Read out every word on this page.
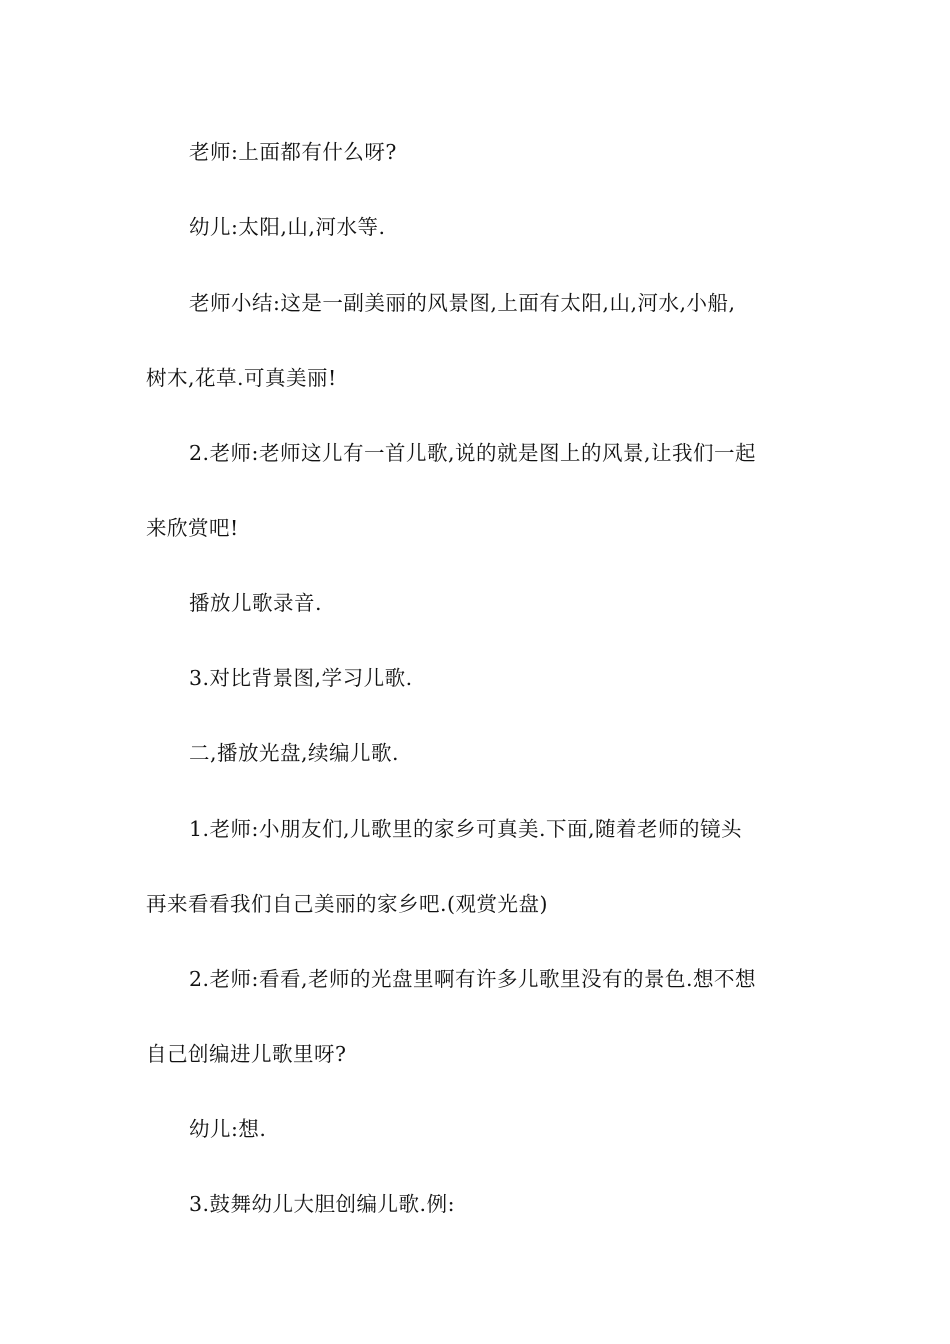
老师:上面都有什么呀?
幼儿:太阳,山,河水等.
老师小结:这是一副美丽的风景图,上面有太阳,山,河水,小船,
树木,花草.可真美丽!
2.老师:老师这儿有一首儿歌,说的就是图上的风景,让我们一起
来欣赏吧!
播放儿歌录音.
3.对比背景图,学习儿歌.
二,播放光盘,续编儿歌.
1.老师:小朋友们,儿歌里的家乡可真美.下面,随着老师的镜头
再来看看我们自己美丽的家乡吧.(观赏光盘)
2.老师:看看,老师的光盘里啊有许多儿歌里没有的景色.想不想
自己创编进儿歌里呀?
幼儿:想.
3.鼓舞幼儿大胆创编儿歌.例:
